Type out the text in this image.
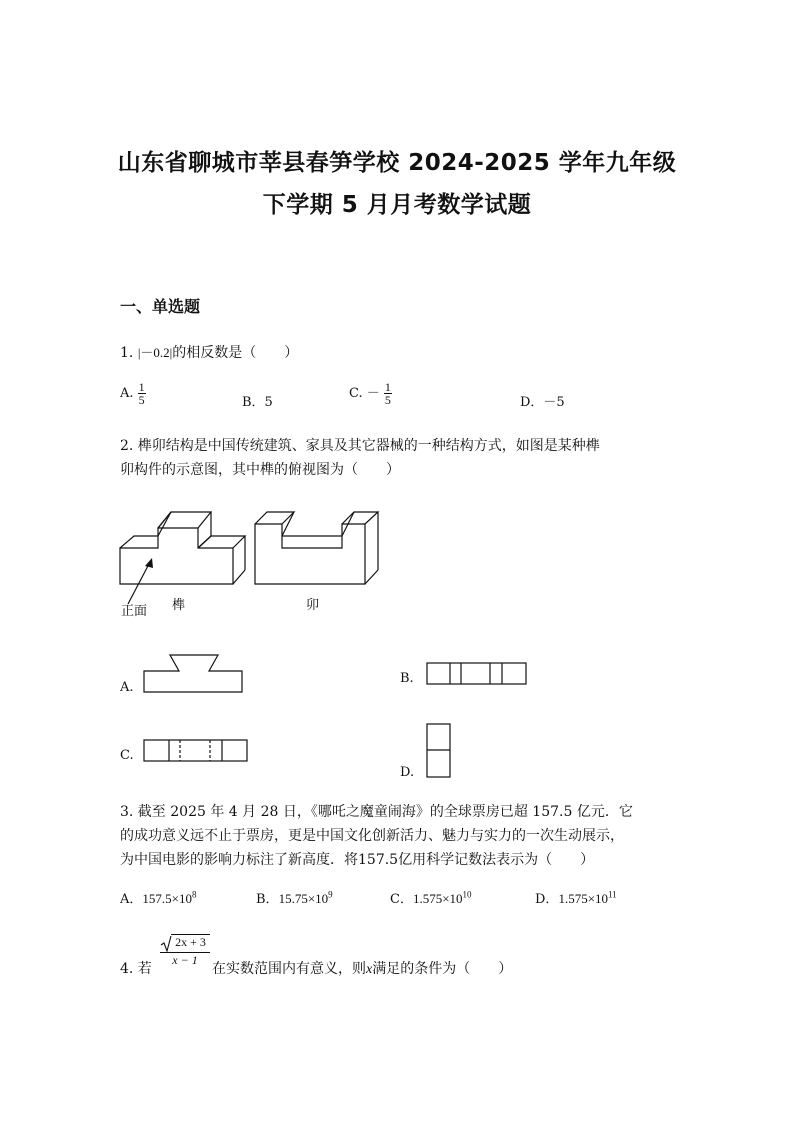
山东省聊城市莘县春笋学校 2024-2025 学年九年级
下学期 5 月月考数学试题
一、单选题
1. |－0.2|的相反数是（　　）
A. $\frac{1}{5}$	B．5
C. － $\frac{1}{5}$	D．－5
2. 榫卯结构是中国传统建筑、家具及其它器械的一种结构方式，如图是某种榫
卯构件的示意图，其中榫的俯视图为（　　）
正面 榫	卯
A.
B.
C.
D.
3. 截至 2025 年 4 月 28 日，《哪吒之魔童闹海》的全球票房已超 157.5 亿元．它
的成功意义远不止于票房，更是中国文化创新活力、魅力与实力的一次生动展示，
为中国电影的影响力标注了新高度．将157.5亿用科学记数法表示为（　　）
A．$157.5\times 10^8$	B．$15.75\times 10^9$	C．$1.575\times 10^{10}$	D．$1.575\times 10^{11}$
4. 若
2x + 3
x − 1
在实数范围内有意义，则x满足的条件为（　　）
